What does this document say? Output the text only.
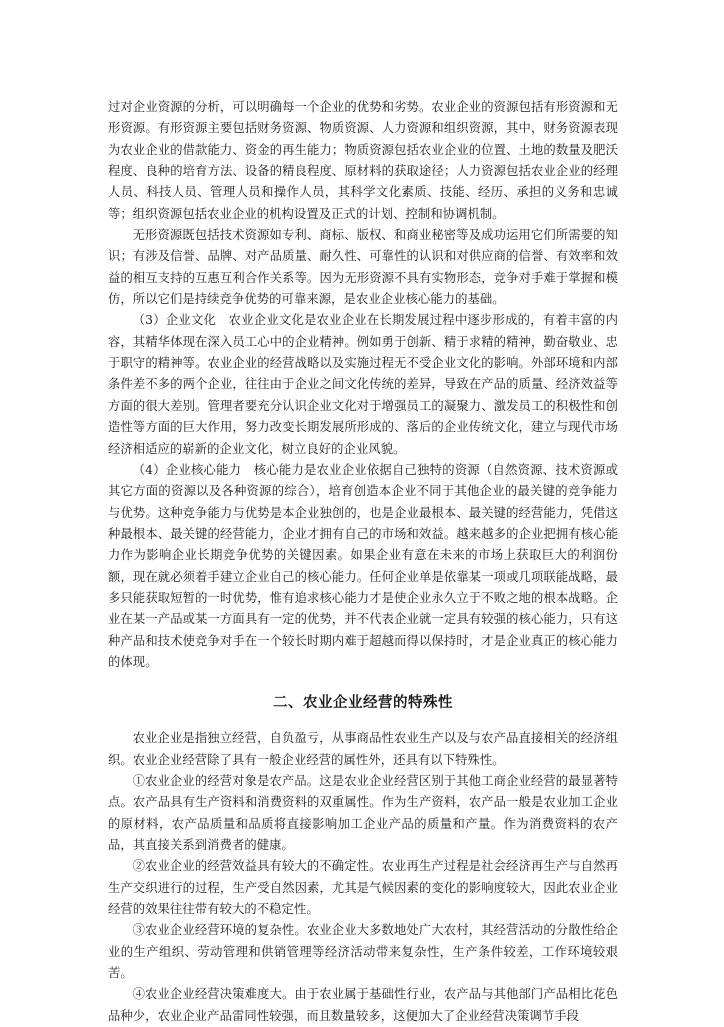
过对企业资源的分析，可以明确每一个企业的优势和劣势。农业企业的资源包括有形资源和无形资源。有形资源主要包括财务资源、物质资源、人力资源和组织资源，其中，财务资源表现为农业企业的借款能力、资金的再生能力；物质资源包括农业企业的位置、土地的数量及肥沃程度、良种的培育方法、设备的精良程度、原材料的获取途径；人力资源包括农业企业的经理人员、科技人员、管理人员和操作人员，其科学文化素质、技能、经历、承担的义务和忠诚等；组织资源包括农业企业的机构设置及正式的计划、控制和协调机制。

无形资源既包括技术资源如专利、商标、版权、和商业秘密等及成功运用它们所需要的知识；有涉及信誉、品牌、对产品质量、耐久性、可靠性的认识和对供应商的信誉、有效率和效益的相互支持的互惠互利合作关系等。因为无形资源不具有实物形态，竞争对手难于掌握和模仿，所以它们是持续竞争优势的可靠来源，是农业企业核心能力的基础。

（3）企业文化　农业企业文化是农业企业在长期发展过程中逐步形成的，有着丰富的内容，其精华体现在深入员工心中的企业精神。例如勇于创新、精于求精的精神，勤奋敬业、忠于职守的精神等。农业企业的经营战略以及实施过程无不受企业文化的影响。外部环境和内部条件差不多的两个企业，往往由于企业之间文化传统的差异，导致在产品的质量、经济效益等方面的很大差别。管理者要充分认识企业文化对于增强员工的凝聚力、激发员工的积极性和创造性等方面的巨大作用，努力改变长期发展所形成的、落后的企业传统文化，建立与现代市场经济相适应的崭新的企业文化，树立良好的企业风貌。

（4）企业核心能力　核心能力是农业企业依据自己独特的资源（自然资源、技术资源或其它方面的资源以及各种资源的综合），培育创造本企业不同于其他企业的最关键的竞争能力与优势。这种竞争能力与优势是本企业独创的，也是企业最根本、最关键的经营能力，凭借这种最根本、最关键的经营能力，企业才拥有自己的市场和效益。越来越多的企业把拥有核心能力作为影响企业长期竞争优势的关键因素。如果企业有意在未来的市场上获取巨大的利润份额，现在就必须着手建立企业自己的核心能力。任何企业单是依靠某一项或几项联能战略，最多只能获取短暂的一时优势，惟有追求核心能力才是使企业永久立于不败之地的根本战略。企业在某一产品或某一方面具有一定的优势，并不代表企业就一定具有较强的核心能力，只有这种产品和技术使竞争对手在一个较长时期内难于超越而得以保持时，才是企业真正的核心能力的体现。

二、农业企业经营的特殊性

农业企业是指独立经营，自负盈亏，从事商品性农业生产以及与农产品直接相关的经济组织。农业企业经营除了具有一般企业经营的属性外，还具有以下特殊性。

①农业企业的经营对象是农产品。这是农业企业经营区别于其他工商企业经营的最显著特点。农产品具有生产资料和消费资料的双重属性。作为生产资料，农产品一般是农业加工企业的原材料，农产品质量和品质将直接影响加工企业产品的质量和产量。作为消费资料的农产品，其直接关系到消费者的健康。

②农业企业的经营效益具有较大的不确定性。农业再生产过程是社会经济再生产与自然再生产交织进行的过程，生产受自然因素，尤其是气候因素的变化的影响度较大，因此农业企业经营的效果往往带有较大的不稳定性。

③农业企业经营环境的复杂性。农业企业大多数地处广大农村，其经营活动的分散性给企业的生产组织、劳动管理和供销管理等经济活动带来复杂性，生产条件较差，工作环境较艰苦。

④农业企业经营决策难度大。由于农业属于基础性行业，农产品与其他部门产品相比花色品种少，农业企业产品雷同性较强，而且数量较多，这便加大了企业经营决策调节手段
